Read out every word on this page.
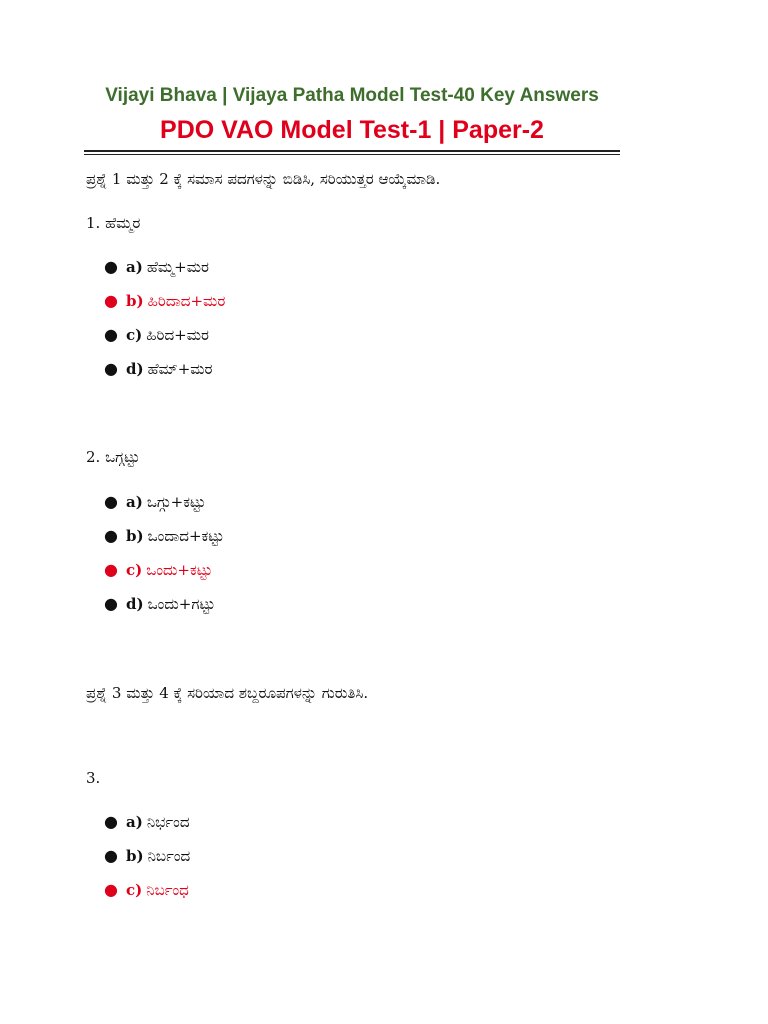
Vijayi Bhava | Vijaya Patha Model Test-40 Key Answers
PDO VAO Model Test-1 | Paper-2
ಪ್ರಶ್ನೆ 1 ಮತ್ತು 2 ಕ್ಕೆ ಸಮಾಸ ಪದಗಳನ್ನು ಬಿಡಿಸಿ, ಸರಿಯುತ್ತರ ಆಯ್ಕೆಮಾಡಿ.
1. ಹೆಮ್ಮರ
● a) ಹೆಮ್ಮ+ಮರ
● b) ಹಿರಿದಾದ+ಮರ
● c) ಹಿರಿದ+ಮರ
● d) ಹೆಮ್+ಮರ
2. ಒಗ್ಗಟ್ಟು
● a) ಒಗ್ಗು+ಕಟ್ಟು
● b) ಒಂದಾದ+ಕಟ್ಟು
● c) ಒಂದು+ಕಟ್ಟು
● d) ಒಂದು+ಗಟ್ಟು
ಪ್ರಶ್ನೆ 3 ಮತ್ತು 4 ಕ್ಕೆ ಸರಿಯಾದ ಶಬ್ದರೂಪಗಳನ್ನು ಗುರುತಿಸಿ.
3.
● a) ನಿರ್ಭಂದ
● b) ನಿರ್ಬಂದ
● c) ನಿರ್ಬಂಧ
